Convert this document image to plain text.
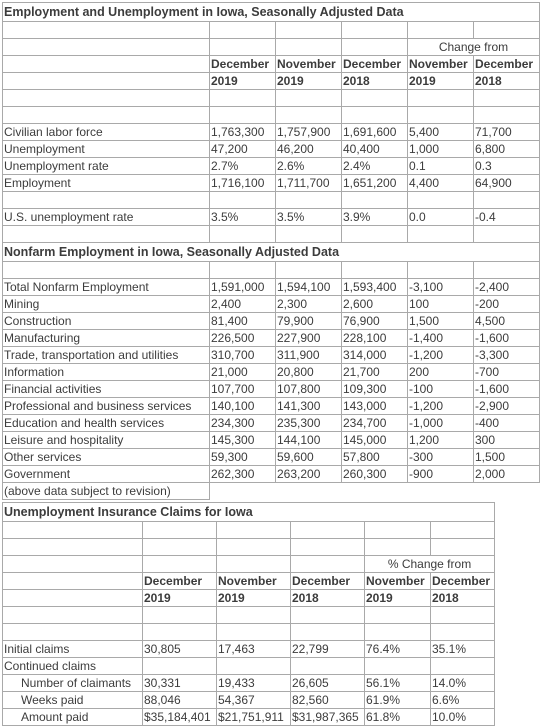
Employment and Unemployment in Iowa, Seasonally Adjusted Data					

				Change from	
	December	November	December	November	December
	2019	2019	2018	2019	2018

Civilian labor force	1,763,300	1,757,900	1,691,600	5,400	71,700
Unemployment	47,200	46,200	40,400	1,000	6,800
Unemployment rate	2.7%	2.6%	2.4%	0.1	0.3
Employment	1,716,100	1,711,700	1,651,200	4,400	64,900

U.S. unemployment rate	3.5%	3.5%	3.9%	0.0	-0.4

Nonfarm Employment in Iowa, Seasonally Adjusted Data					

Total Nonfarm Employment	1,591,000	1,594,100	1,593,400	-3,100	-2,400
Mining	2,400	2,300	2,600	100	-200
Construction	81,400	79,900	76,900	1,500	4,500
Manufacturing	226,500	227,900	228,100	-1,400	-1,600
Trade, transportation and utilities	310,700	311,900	314,000	-1,200	-3,300
Information	21,000	20,800	21,700	200	-700
Financial activities	107,700	107,800	109,300	-100	-1,600
Professional and business services	140,100	141,300	143,000	-1,200	-2,900
Education and health services	234,300	235,300	234,700	-1,000	-400
Leisure and hospitality	145,300	144,100	145,000	1,200	300
Other services	59,300	59,600	57,800	-300	1,500
Government	262,300	263,200	260,300	-900	2,000
(above data subject to revision)					
Unemployment Insurance Claims for Iowa					

				% Change from	
	December	November	December	November	December
	2019	2019	2018	2019	2018

Initial claims	30,805	17,463	22,799	76.4%	35.1%
Continued claims					
Number of claimants	30,331	19,433	26,605	56.1%	14.0%
Weeks paid	88,046	54,367	82,560	61.9%	6.6%
Amount paid	$35,184,401	$21,751,911	$31,987,365	61.8%	10.0%
